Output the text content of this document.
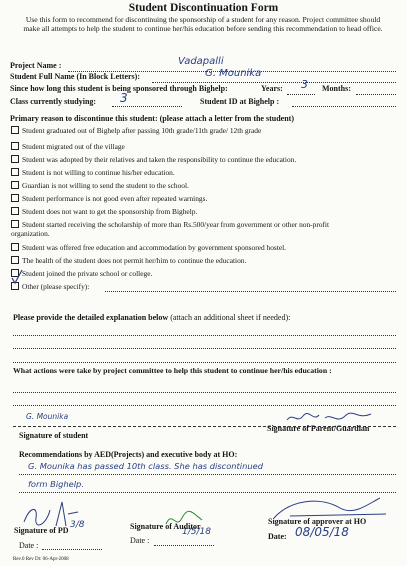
Student Discontinuation Form
Use this form to recommend for discontinuing the sponsorship of a student for any reason. Project committee should make all attempts to help the student to continue her/his education before sending this recommendation to head office.
Project Name :	Vadapalli
Student Full Name (In Block Letters):	G. Mounika
Since how long this student is being sponsored through Bighelp:	Years: 3 Months:
Class currently studying: 3	Student ID at Bighelp :
Primary reason to discontinue this student: (please attach a letter from the student)
Student graduated out of Bighelp after passing 10th grade/11th grade/ 12th grade
Student migrated out of the village
Student was adopted by their relatives and taken the responsibility to continue the education.
Student is not willing to continue his/her education.
Guardian is not willing to send the student to the school.
Student performance is not good even after repeated warnings.
Student does not want to get the sponsorship from Bighelp.
Student started receiving the scholarship of more than Rs.500/year from government or other non-profit organization.
Student was offered free education and accommodation by government sponsored hostel.
The health of the student does not permit her/him to continue the education.
Student joined the private school or college.
Other (please specify):
Please provide the detailed explanation below (attach an additional sheet if needed):
What actions were take by project committee to help this student to continue her/his education :
G. Mounika
Signature of student
Signature of Parent/Guardian
Recommendations by AED(Projects) and executive body at HO:
G. Mounika has passed 10th class. She has discontinued
form Bighelp.
3/8
Signature of PD
Date :
1/5/18
Signature of Auditor
Date :
Signature of approver at HO
Date: 08/05/18
Rev.0 Rev Dt: 06-Apr-2008
